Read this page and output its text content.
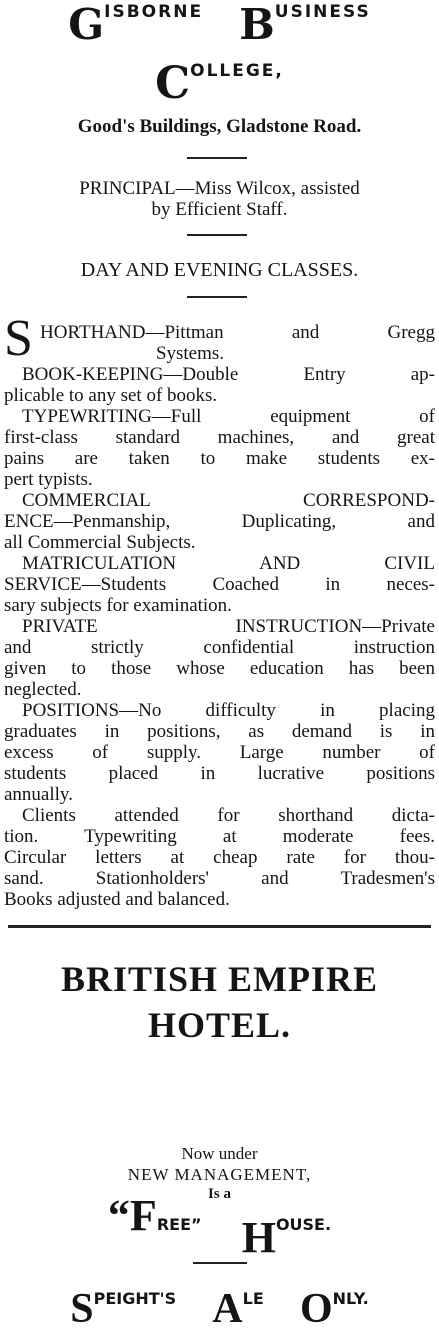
GISBORNE BUSINESS
COLLEGE,
Good's Buildings, Gladstone Road.
PRINCIPAL—Miss Wilcox, assisted
by Efficient Staff.
DAY AND EVENING CLASSES.
S HORTHAND—Pittman and Gregg
Systems.
BOOK-KEEPING—Double Entry ap-
plicable to any set of books.
TYPEWRITING—Full equipment of
first-class standard machines, and great
pains are taken to make students ex-
pert typists.
COMMERCIAL CORRESPOND-
ENCE—Penmanship, Duplicating, and
all Commercial Subjects.
MATRICULATION AND CIVIL
SERVICE—Students Coached in neces-
sary subjects for examination.
PRIVATE INSTRUCTION—Private
and strictly confidential instruction
given to those whose education has been
neglected.
POSITIONS—No difficulty in placing
graduates in positions, as demand is in
excess of supply. Large number of
students placed in lucrative positions
annually.
Clients attended for shorthand dicta-
tion. Typewriting at moderate fees.
Circular letters at cheap rate for thou-
sand. Stationholders' and Tradesmen's
Books adjusted and balanced.
BRITISH EMPIRE
HOTEL.
Now under
NEW MANAGEMENT,
Is a
“FREE” HOUSE.
SPEIGHT'S ALE ONLY.
